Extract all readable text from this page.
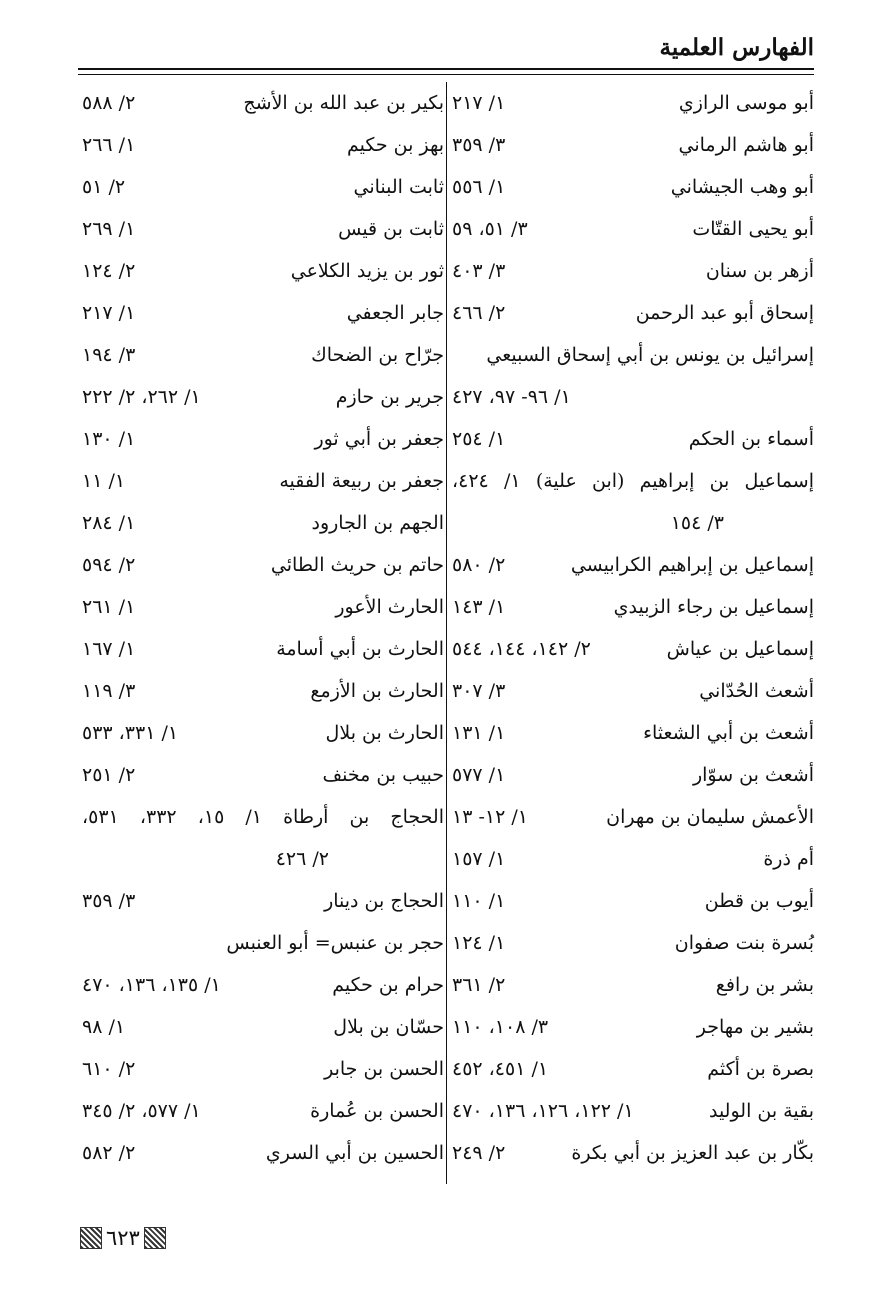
الفهارس العلمية
أبو موسى الرازي
١/ ٢١٧
أبو هاشم الرماني
٣/ ٣٥٩
أبو وهب الجيشاني
١/ ٥٥٦
أبو يحيى القتّات
٣/ ٥١، ٥٩
أزهر بن سنان
٣/ ٤٠٣
إسحاق أبو عبد الرحمن
٢/ ٤٦٦
إسرائيل بن يونس بن أبي إسحاق السبيعي
١/ ٩٦- ٩٧، ٤٢٧
أسماء بن الحكم
١/ ٢٥٤
إسماعيل بن إبراهيم (ابن علية) ١/ ٤٢٤،
٣/ ١٥٤
إسماعيل بن إبراهيم الكرابيسي
٢/ ٥٨٠
إسماعيل بن رجاء الزبيدي
١/ ١٤٣
إسماعيل بن عياش
٢/ ١٤٢، ١٤٤، ٥٤٤
أشعث الحُدّاني
٣/ ٣٠٧
أشعث بن أبي الشعثاء
١/ ١٣١
أشعث بن سوّار
١/ ٥٧٧
الأعمش سليمان بن مهران
١/ ١٢- ١٣
أم ذرة
١/ ١٥٧
أيوب بن قطن
١/ ١١٠
بُسرة بنت صفوان
١/ ١٢٤
بشر بن رافع
٢/ ٣٦١
بشير بن مهاجر
٣/ ١٠٨، ١١٠
بصرة بن أكثم
١/ ٤٥١، ٤٥٢
بقية بن الوليد
١/ ١٢٢، ١٢٦، ١٣٦، ٤٧٠
بكّار بن عبد العزيز بن أبي بكرة
٢/ ٢٤٩
بكير بن عبد الله بن الأشج
٢/ ٥٨٨
بهز بن حكيم
١/ ٢٦٦
ثابت البناني
٢/ ٥١
ثابت بن قيس
١/ ٢٦٩
ثور بن يزيد الكلاعي
٢/ ١٢٤
جابر الجعفي
١/ ٢١٧
جرّاح بن الضحاك
٣/ ١٩٤
جرير بن حازم
١/ ٢٦٢، ٢/ ٢٢٢
جعفر بن أبي ثور
١/ ١٣٠
جعفر بن ربيعة الفقيه
١/ ١١
الجهم بن الجارود
١/ ٢٨٤
حاتم بن حريث الطائي
٢/ ٥٩٤
الحارث الأعور
١/ ٢٦١
الحارث بن أبي أسامة
١/ ١٦٧
الحارث بن الأزمع
٣/ ١١٩
الحارث بن بلال
١/ ٣٣١، ٥٣٣
حبيب بن مخنف
٢/ ٢٥١
الحجاج بن أرطاة ١/ ١٥، ٣٣٢، ٥٣١،
٢/ ٤٢٦
الحجاج بن دينار
٣/ ٣٥٩
حجر بن عنبس= أبو العنبس
حرام بن حكيم
١/ ١٣٥، ١٣٦، ٤٧٠
حسّان بن بلال
١/ ٩٨
الحسن بن جابر
٢/ ٦١٠
الحسن بن عُمارة
١/ ٥٧٧، ٢/ ٣٤٥
الحسين بن أبي السري
٢/ ٥٨٢
٦٢٣
